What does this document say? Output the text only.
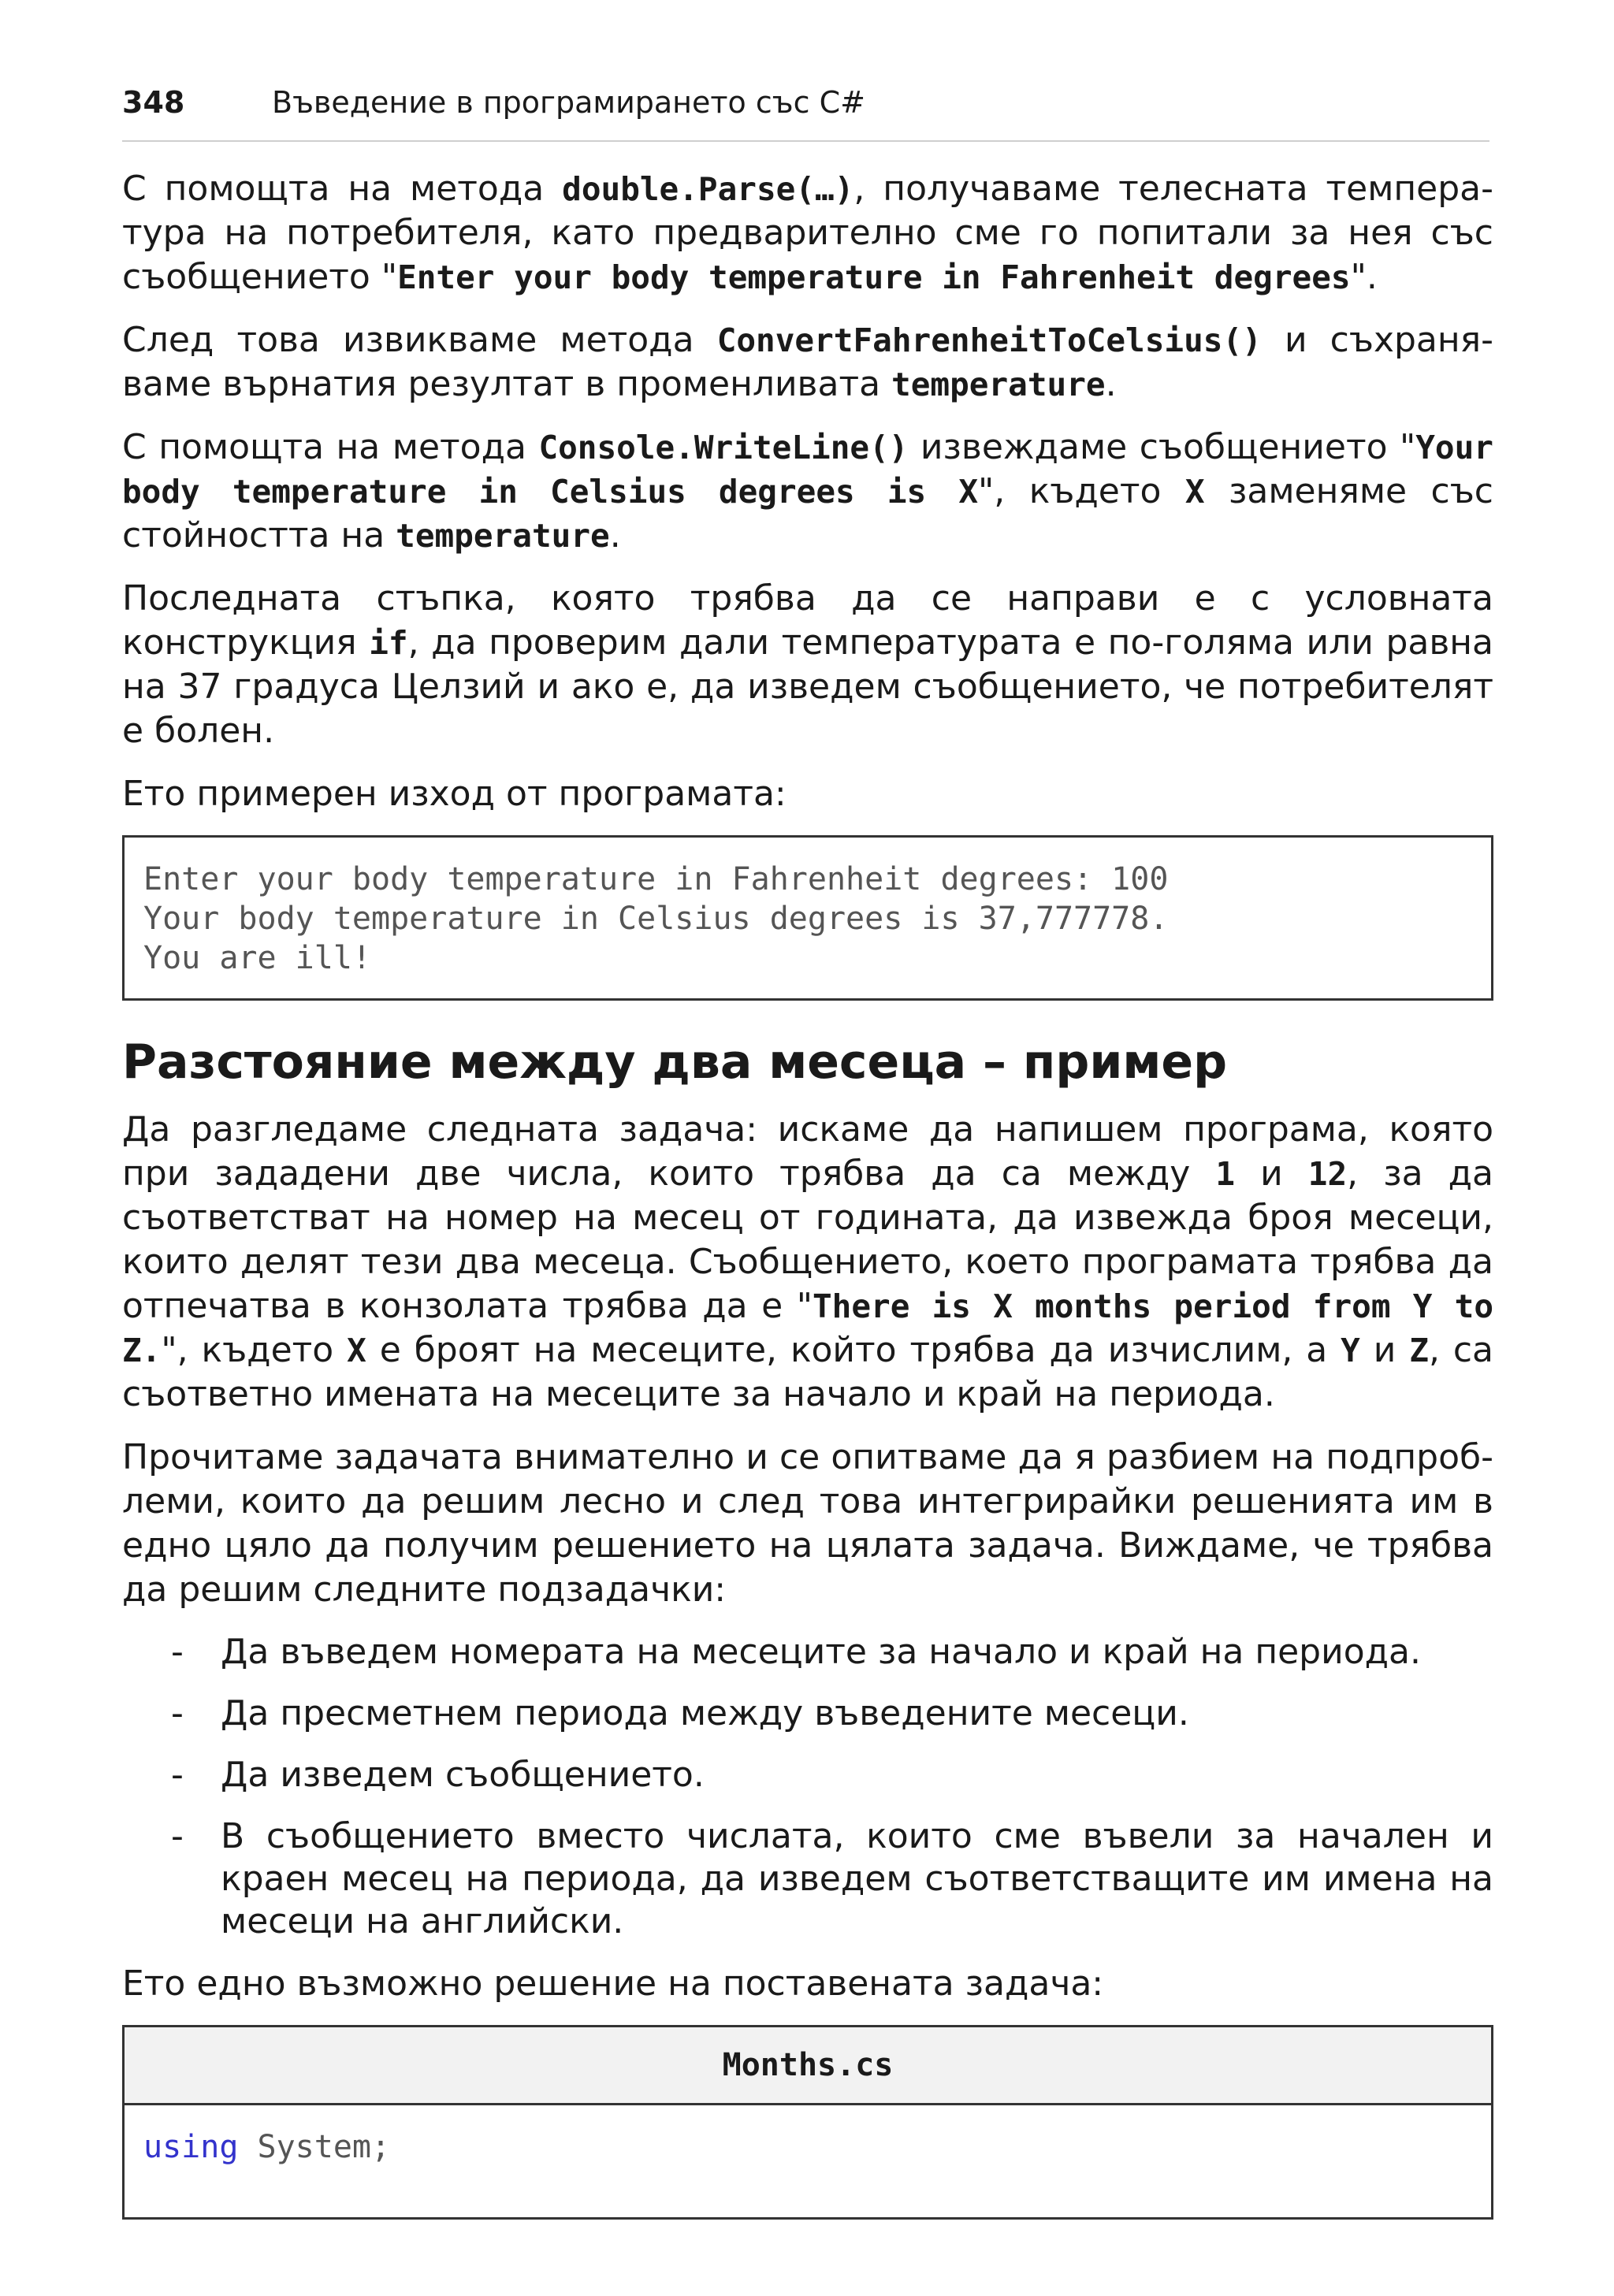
348	Въведение в програмирането със C#

С помощта на метода double.Parse(…), получаваме телесната темпера-тура на потребителя, като предварително сме го попитали за нея със съобщението "Enter your body temperature in Fahrenheit degrees".

След това извикваме метода ConvertFahrenheitToCelsius() и съхраня-ваме върнатия резултат в променливата temperature.

С помощта на метода Console.WriteLine() извеждаме съобщението "Your body temperature in Celsius degrees is X", където X заменяме със стойността на temperature.

Последната стъпка, която трябва да се направи е с условната конструкция if, да проверим дали температурата е по-голяма или равна на 37 градуса Целзий и ако е, да изведем съобщението, че потребителят е болен.

Ето примерен изход от програмата:

Enter your body temperature in Fahrenheit degrees: 100
Your body temperature in Celsius degrees is 37,777778.
You are ill!
Разстояние между два месеца – пример

Да разгледаме следната задача: искаме да напишем програма, която при зададени две числа, които трябва да са между 1 и 12, за да съответстват на номер на месец от годината, да извежда броя месеци, които делят тези два месеца. Съобщението, което програмата трябва да отпечатва в конзолата трябва да е "There is X months period from Y to Z.", където X е броят на месеците, който трябва да изчислим, а Y и Z, са съответно имената на месеците за начало и край на периода.

Прочитаме задачата внимателно и се опитваме да я разбием на подпроб-леми, които да решим лесно и след това интегрирайки решенията им в едно цяло да получим решението на цялата задача. Виждаме, че трябва да решим следните подзадачки:

- Да въведем номерата на месеците за начало и край на периода.
- Да пресметнем периода между въведените месеци.
- Да изведем съобщението.
- В съобщението вместо числата, които сме въвели за начален и краен месец на периода, да изведем съответстващите им имена на месеци на английски.

Ето едно възможно решение на поставената задача:

Months.cs
using System;
